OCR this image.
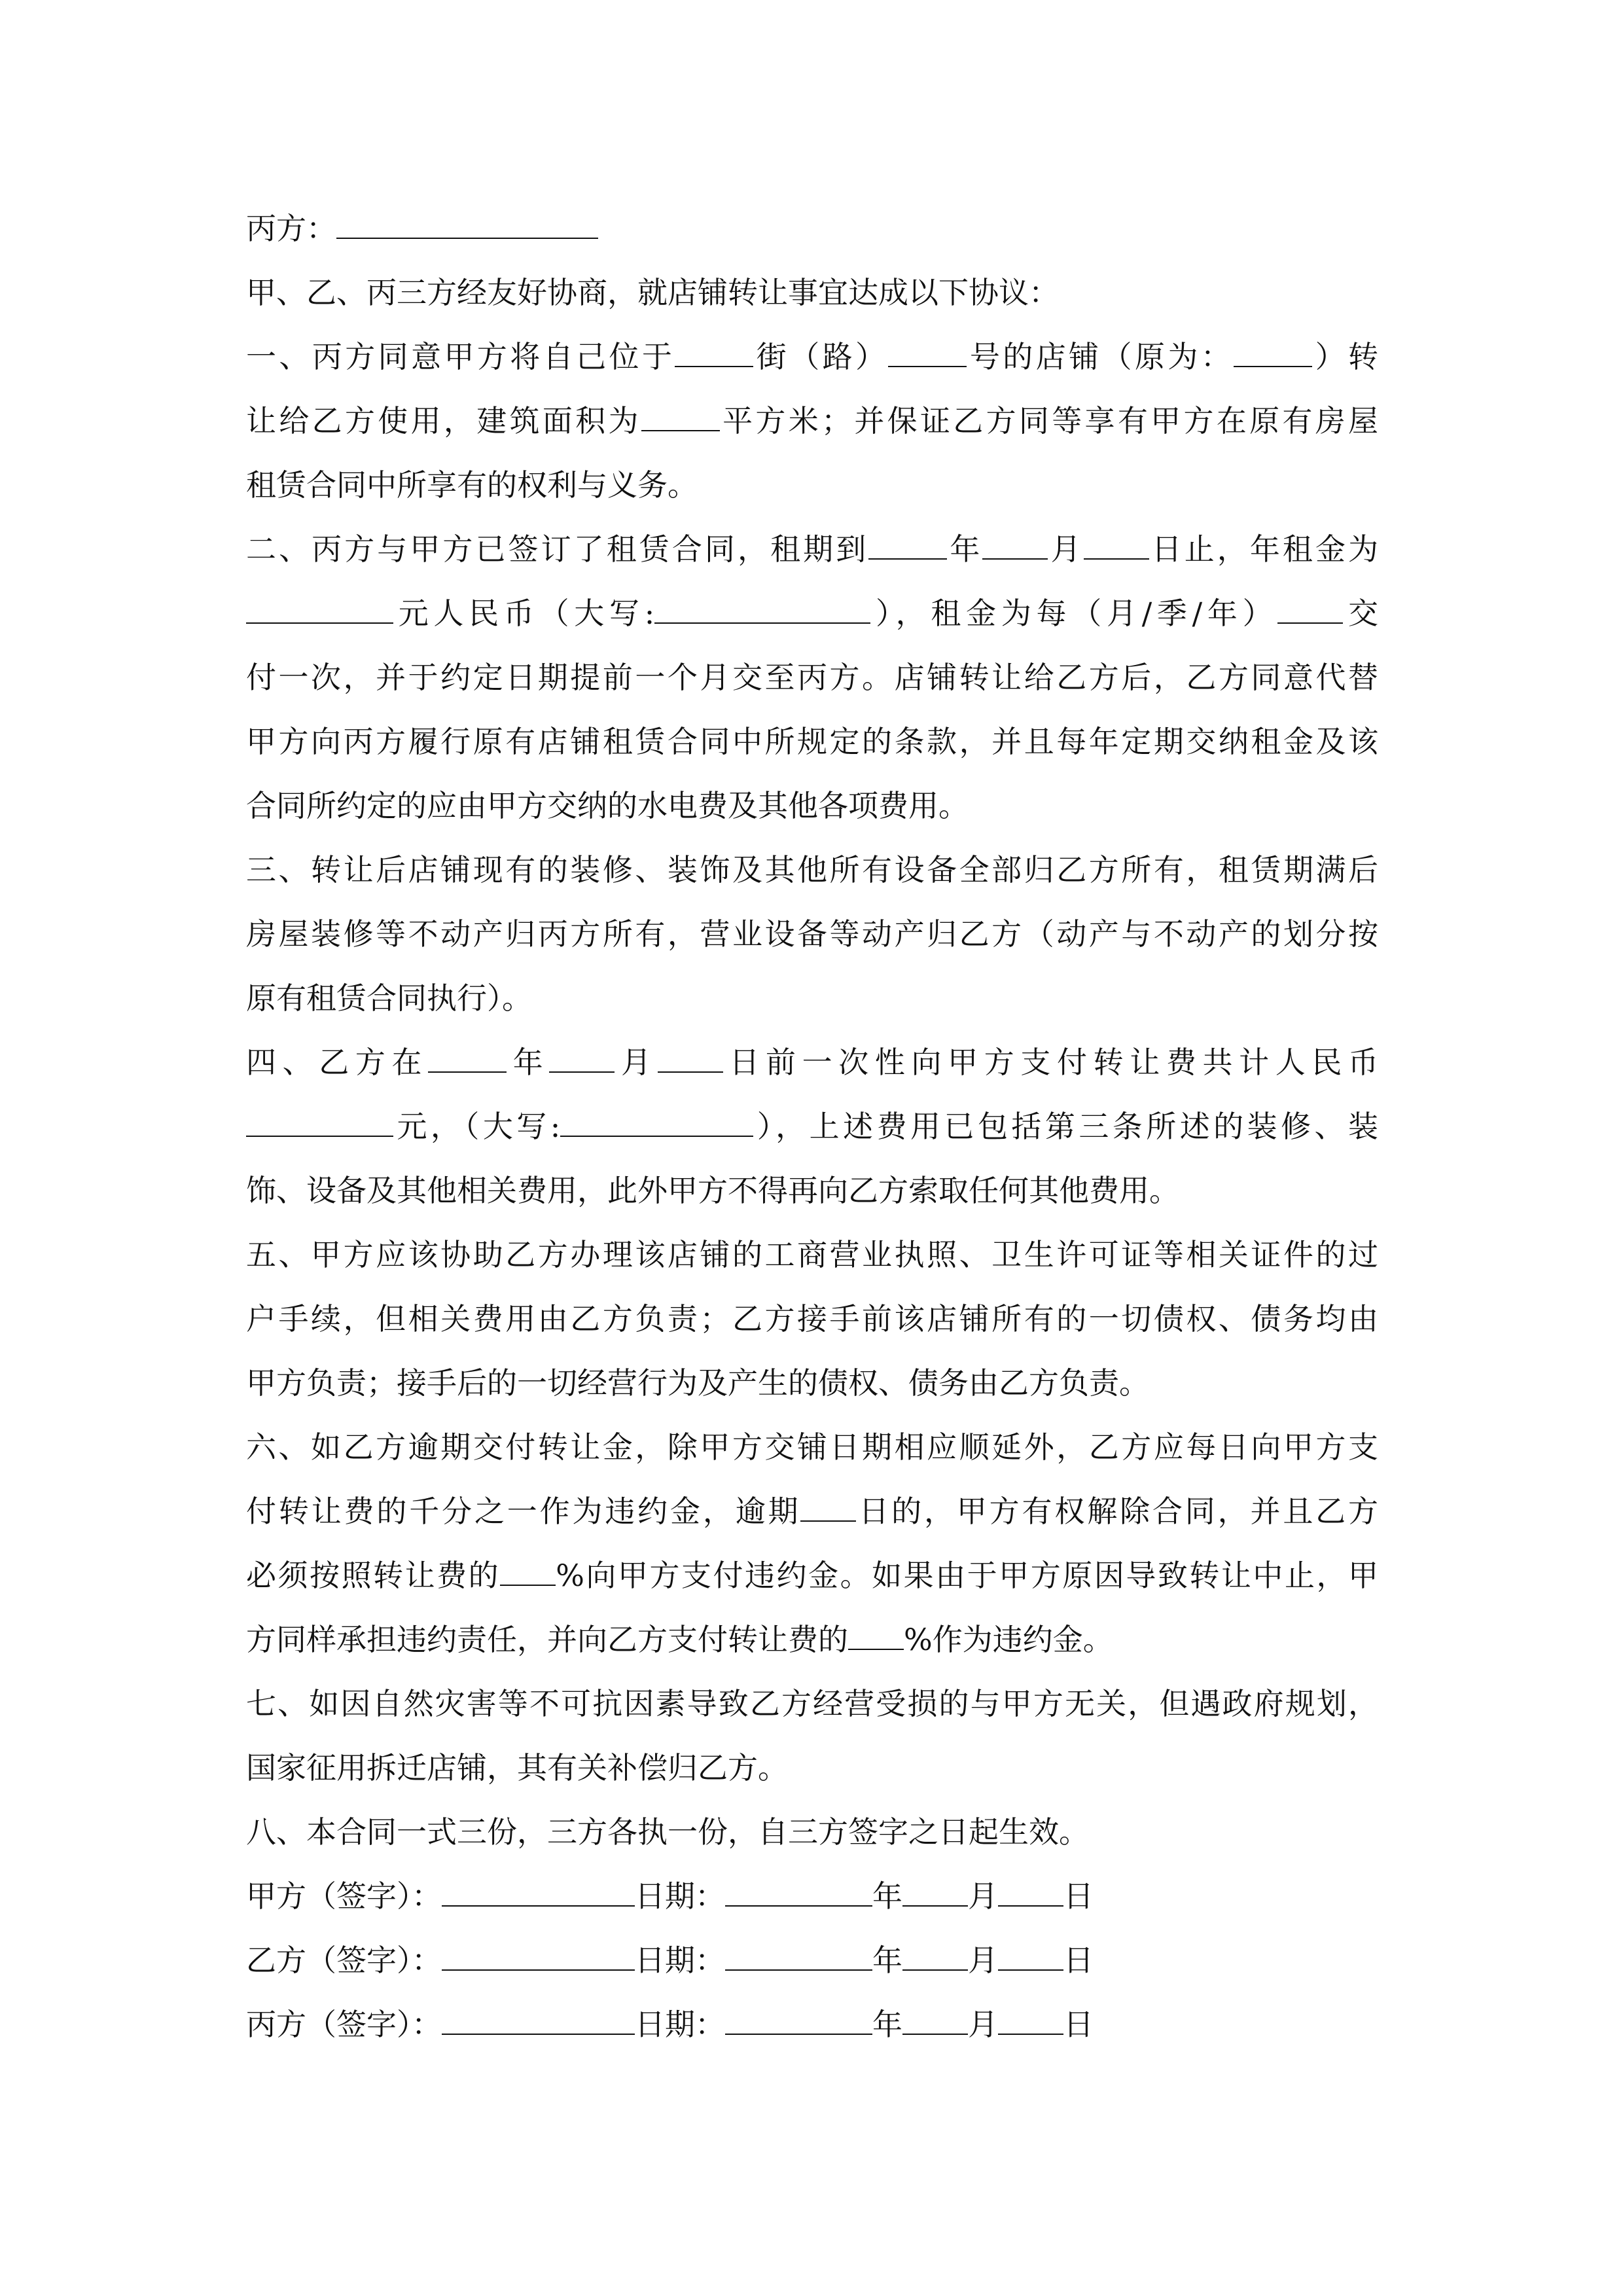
丙方：
甲、乙、丙三方经友好协商，就店铺转让事宜达成以下协议：
一、丙方同意甲方将自己位于	街（路）	号的店铺（原为：	）转
让给乙方使用，建筑面积为	平方米；并保证乙方同等享有甲方在原有房屋
租赁合同中所享有的权利与义务。
二、丙方与甲方已签订了租赁合同，租期到	年 月 日止，年租金为
元人民币（大写:	），租金为每（月/季/年） 交
付一次，并于约定日期提前一个月交至丙方。店铺转让给乙方后，乙方同意代替
甲方向丙方履行原有店铺租赁合同中所规定的条款，并且每年定期交纳租金及该
合同所约定的应由甲方交纳的水电费及其他各项费用。
三、转让后店铺现有的装修、装饰及其他所有设备全部归乙方所有，租赁期满后
房屋装修等不动产归丙方所有，营业设备等动产归乙方（动产与不动产的划分按
原有租赁合同执行）。
四、乙方在	年 月 日前一次性向甲方支付转让费共计人民币
元，（大写:	），上述费用已包括第三条所述的装修、装
饰、设备及其他相关费用，此外甲方不得再向乙方索取任何其他费用。
五、甲方应该协助乙方办理该店铺的工商营业执照、卫生许可证等相关证件的过
户手续，但相关费用由乙方负责；乙方接手前该店铺所有的一切债权、债务均由
甲方负责；接手后的一切经营行为及产生的债权、债务由乙方负责。
六、如乙方逾期交付转让金，除甲方交铺日期相应顺延外，乙方应每日向甲方支
付转让费的千分之一作为违约金，逾期 日的，甲方有权解除合同，并且乙方
必须按照转让费的 %向甲方支付违约金。如果由于甲方原因导致转让中止，甲
方同样承担违约责任，并向乙方支付转让费的 %作为违约金。
七、如因自然灾害等不可抗因素导致乙方经营受损的与甲方无关，但遇政府规划，
国家征用拆迁店铺，其有关补偿归乙方。
八、本合同一式三份，三方各执一份，自三方签字之日起生效。
甲方（签字）：	日期：	年 月 日
乙方（签字）：	日期：	年 月 日
丙方（签字）：	日期：	年 月 日
